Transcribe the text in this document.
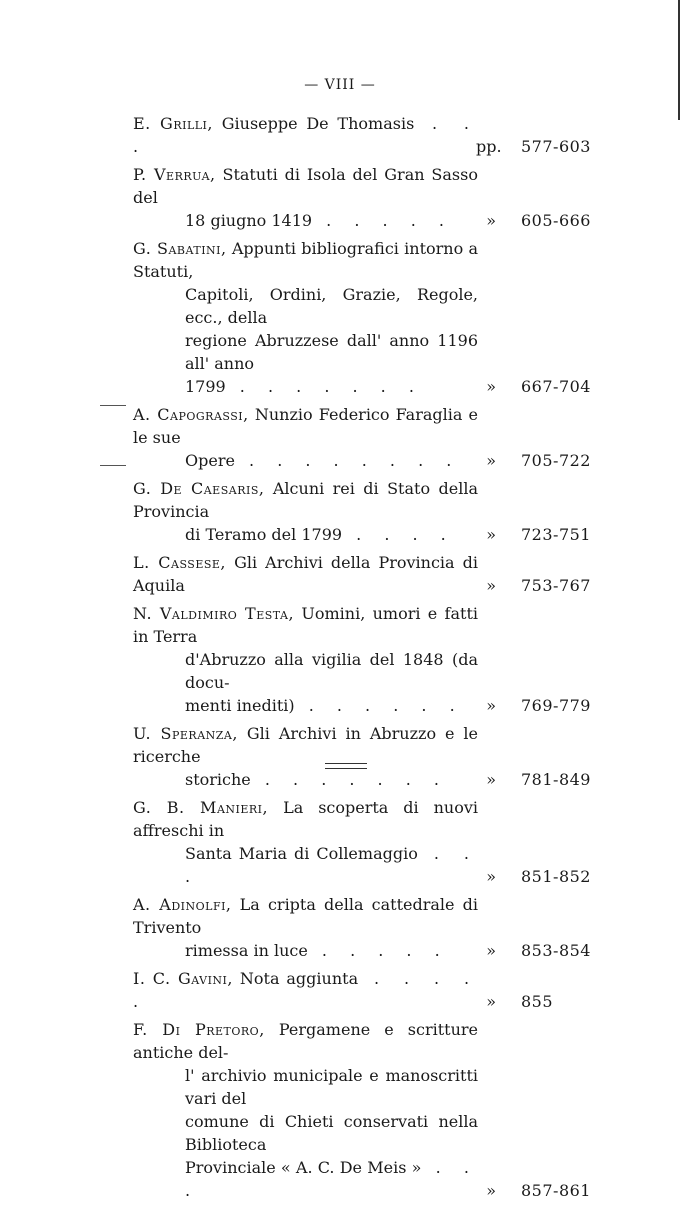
— VIII —
E. Grilli, Giuseppe De Thomasis . . .	pp. 577-603
P. Verrua, Statuti di Isola del Gran Sasso del
18 giugno 1419 . . . . .	» 605-666
G. Sabatini, Appunti bibliografici intorno a Statuti,
Capitoli, Ordini, Grazie, Regole, ecc., della
regione Abruzzese dall' anno 1196 all' anno
1799 . . . . . . .	» 667-704
A. Capograssi, Nunzio Federico Faraglia e le sue
Opere . . . . . . . .	» 705-722
G. De Caesaris, Alcuni rei di Stato della Provincia
di Teramo del 1799 . . . .	» 723-751
L. Cassese, Gli Archivi della Provincia di Aquila	» 753-767
N. Valdimiro Testa, Uomini, umori e fatti in Terra
d'Abruzzo alla vigilia del 1848 (da docu-
menti inediti) . . . . . .	» 769-779
U. Speranza, Gli Archivi in Abruzzo e le ricerche
storiche . . . . . . .	» 781-849
G. B. Manieri, La scoperta di nuovi affreschi in
Santa Maria di Collemaggio . . .	» 851-852
A. Adinolfi, La cripta della cattedrale di Trivento
rimessa in luce . . . . .	» 853-854
I. C. Gavini, Nota aggiunta . . . . .	» 855
F. Di Pretoro, Pergamene e scritture antiche del-
l' archivio municipale e manoscritti vari del
comune di Chieti conservati nella Biblioteca
Provinciale « A. C. De Meis » . . .	» 857-861
